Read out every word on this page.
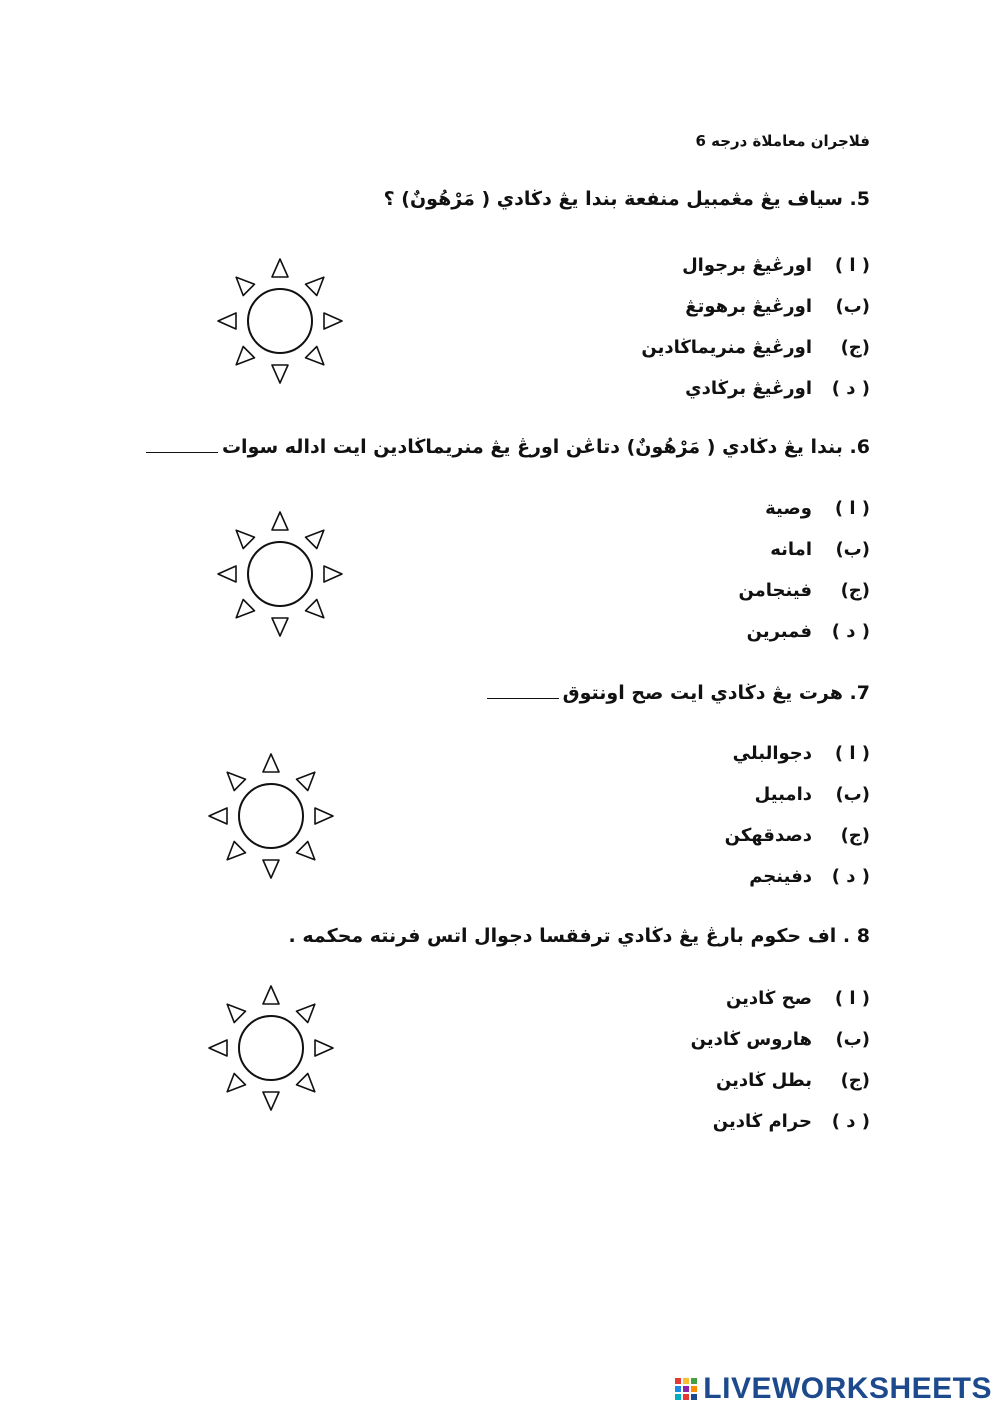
فلاجران معاملاة درجه 6
5. سياف يڠ مڠمبيل منفعة بندا يڠ دڬادي ( مَرْهُونٌ) ؟
( ا )
اورڠيڠ برجوال
(ب)
اورڠيڠ برهوتڠ
(ج)
اورڠيڠ منريماڬادين
( د )
اورڠيڠ برڬادي
6. بندا يڠ دڬادي ( مَرْهُونٌ) دتاڠن اورڠ يڠ منريماڬادين ايت اداله سوات
( ا )
وصية
(ب)
امانه
(ج)
فينجامن
( د )
فمبرين
7. هرت يڠ دڬادي ايت صح اونتوق
( ا )
دجوالبلي
(ب)
دامبيل
(ج)
دصدقهكن
( د )
دفينجم
8 . اف حكوم بارڠ يڠ دڬادي ترفقسا دجوال اتس فرنته محكمه .
( ا )
صح ڬادين
(ب)
هاروس ڬادين
(ج)
بطل ڬادين
( د )
حرام ڬادين
LIVEWORKSHEETS
